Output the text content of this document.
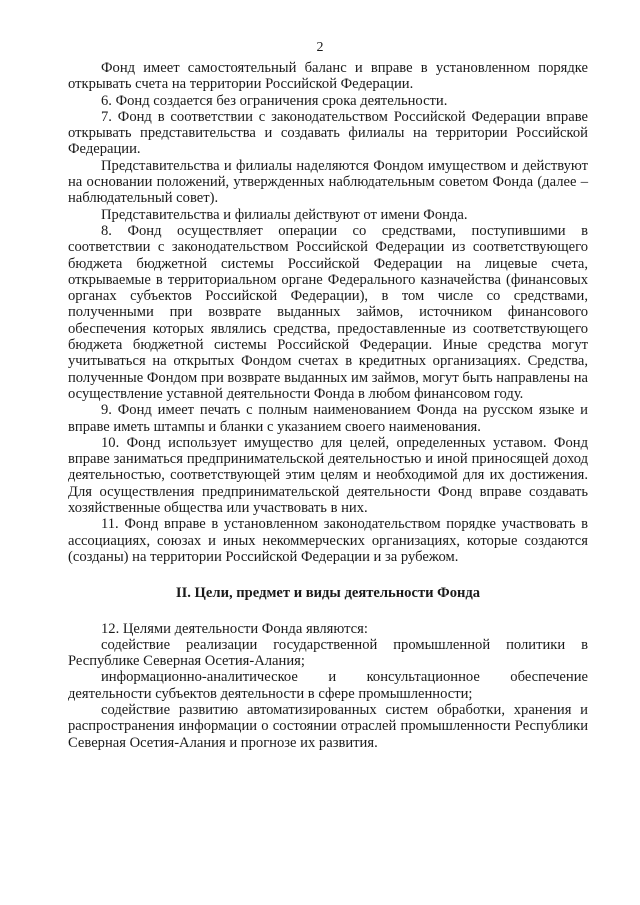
2

Фонд имеет самостоятельный баланс и вправе в установленном порядке открывать счета на территории Российской Федерации.

6. Фонд создается без ограничения срока деятельности.

7. Фонд в соответствии с законодательством Российской Федерации вправе открывать представительства и создавать филиалы на территории Российской Федерации.

Представительства и филиалы наделяются Фондом имуществом и действуют на основании положений, утвержденных наблюдательным советом Фонда (далее – наблюдательный совет).

Представительства и филиалы действуют от имени Фонда.

8. Фонд осуществляет операции со средствами, поступившими в соответствии с законодательством Российской Федерации из соответствующего бюджета бюджетной системы Российской Федерации на лицевые счета, открываемые в территориальном органе Федерального казначейства (финансовых органах субъектов Российской Федерации), в том числе со средствами, полученными при возврате выданных займов, источником финансового обеспечения которых являлись средства, предоставленные из соответствующего бюджета бюджетной системы Российской Федерации. Иные средства могут учитываться на открытых Фондом счетах в кредитных организациях. Средства, полученные Фондом при возврате выданных им займов, могут быть направлены на осуществление уставной деятельности Фонда в любом финансовом году.

9. Фонд имеет печать с полным наименованием Фонда на русском языке и вправе иметь штампы и бланки с указанием своего наименования.

10. Фонд использует имущество для целей, определенных уставом. Фонд вправе заниматься предпринимательской деятельностью и иной приносящей доход деятельностью, соответствующей этим целям и необходимой для их достижения. Для осуществления предпринимательской деятельности Фонд вправе создавать хозяйственные общества или участвовать в них.

11. Фонд вправе в установленном законодательством порядке участвовать в ассоциациях, союзах и иных некоммерческих организациях, которые создаются (созданы) на территории Российской Федерации и за рубежом.

II. Цели, предмет и виды деятельности Фонда

12. Целями деятельности Фонда являются:

содействие реализации государственной промышленной политики в Республике Северная Осетия-Алания;

информационно-аналитическое и консультационное обеспечение деятельности субъектов деятельности в сфере промышленности;

содействие развитию автоматизированных систем обработки, хранения и распространения информации о состоянии отраслей промышленности Республики Северная Осетия-Алания и прогнозе их развития.
